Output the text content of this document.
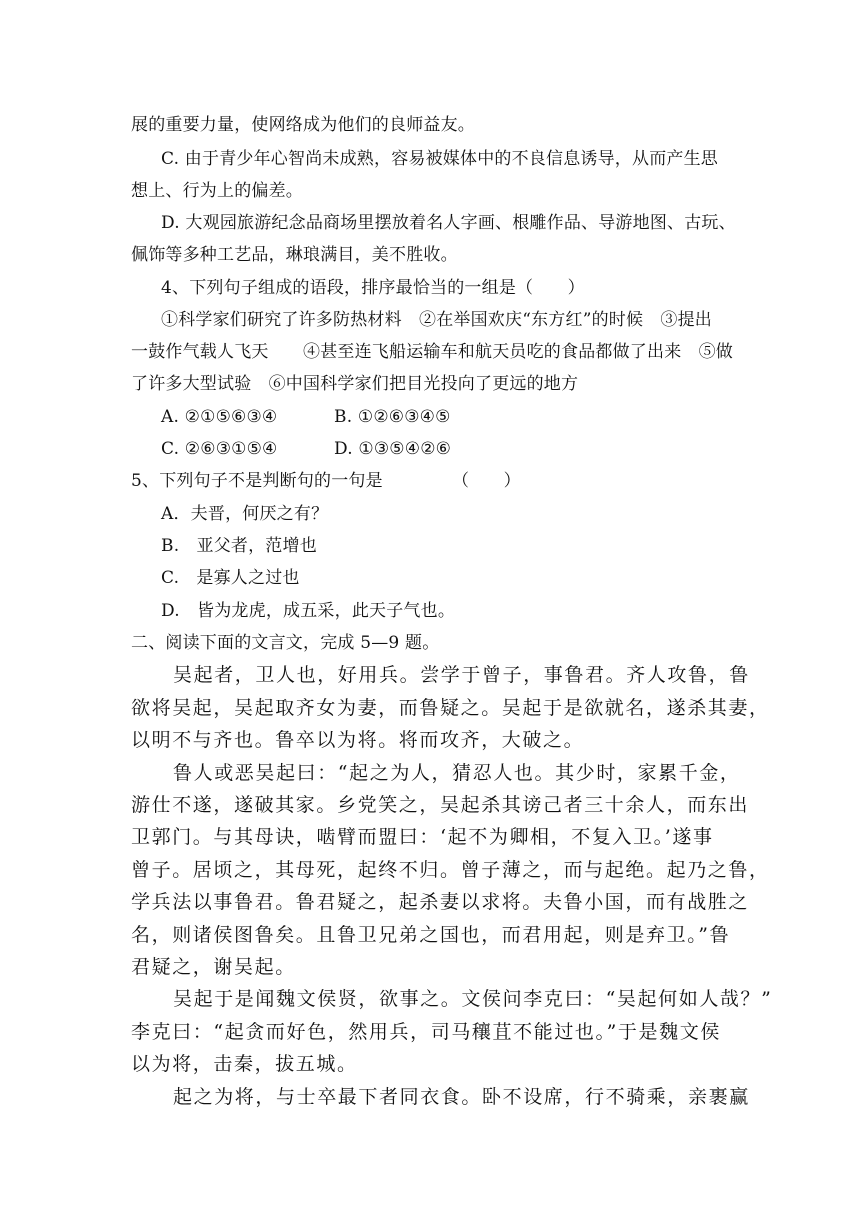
展的重要力量，使网络成为他们的良师益友。
C. 由于青少年心智尚未成熟，容易被媒体中的不良信息诱导，从而产生思
想上、行为上的偏差。
D. 大观园旅游纪念品商场里摆放着名人字画、根雕作品、导游地图、古玩、
佩饰等多种工艺品，琳琅满目，美不胜收。
4、下列句子组成的语段，排序最恰当的一组是（　　）
①科学家们研究了许多防热材料　②在举国欢庆“东方红”的时候　③提出
一鼓作气载人飞天　　④甚至连飞船运输车和航天员吃的食品都做了出来　⑤做
了许多大型试验　⑥中国科学家们把目光投向了更远的地方
A. ②①⑤⑥③④	B. ①②⑥③④⑤
C. ②⑥③①⑤④	D. ①③⑤④②⑥
5、下列句子不是判断句的一句是	（　　）
A．夫晋，何厌之有？
B.　亚父者，范增也
C.　是寡人之过也
D.　皆为龙虎，成五采，此天子气也。
二、阅读下面的文言文，完成 5—9 题。
吴起者，卫人也，好用兵。尝学于曾子，事鲁君。齐人攻鲁，鲁
欲将吴起，吴起取齐女为妻，而鲁疑之。吴起于是欲就名，遂杀其妻，
以明不与齐也。鲁卒以为将。将而攻齐，大破之。
鲁人或恶吴起曰：“起之为人，猜忍人也。其少时，家累千金，
游仕不遂，遂破其家。乡党笑之，吴起杀其谤己者三十余人，而东出
卫郭门。与其母诀，啮臂而盟曰：‘起不为卿相，不复入卫。’遂事
曾子。居顷之，其母死，起终不归。曾子薄之，而与起绝。起乃之鲁，
学兵法以事鲁君。鲁君疑之，起杀妻以求将。夫鲁小国，而有战胜之
名，则诸侯图鲁矣。且鲁卫兄弟之国也，而君用起，则是弃卫。”鲁
君疑之，谢吴起。
吴起于是闻魏文侯贤，欲事之。文侯问李克曰：“吴起何如人哉？”
李克曰：“起贪而好色，然用兵，司马穰苴不能过也。”于是魏文侯
以为将，击秦，拔五城。
起之为将，与士卒最下者同衣食。卧不设席，行不骑乘，亲裹赢
